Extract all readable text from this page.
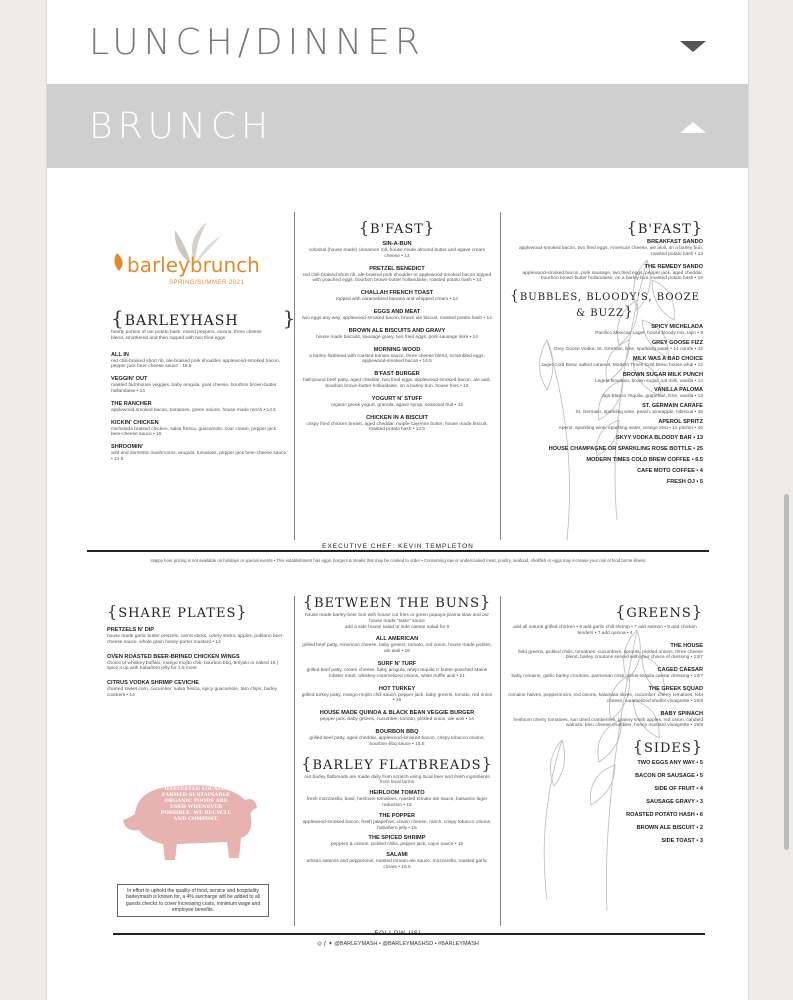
LUNCH/DINNER
BRUNCH
barleybrunch
SPRING/SUMMER 2021
{BARLEYHASH }
hearty portion of our potato hash, mixed peppers, onions, three cheese blend, smothered and then topped with two fried eggs
ALL IN
red chili-braised short rib, ale-braised pork shoulder, applewood-smoked bacon, pepper jack beer-cheese sauce · 15.5
VEGGIN' OUT
roasted farmhouse veggies, baby arugula, goat cheese, bourbon brown-butter hollandaise • 14
THE RANCHER
applewood-smoked bacon, tomatoes, green onions, house made ranch • 14.5
KICKIN' CHICKEN
michelada braised chicken, salsa fresca, guacamole, sour cream, pepper jack beer-cheese sauce • 15
SHROOMIN'
wild and domestic mushrooms, arugula, tomatoes, pepper jack beer-cheese sauce • 14.5
{B'FAST}
SIN-A-BUN
colossal (house made) cinnamon roll, house made almond butter and agave cream cheese • 13
PRETZEL BENEDICT
red chili-braised short rib, ale-braised pork shoulder or applewood-smoked bacon topped with poached eggs, bourbon brown-butter hollandaise, roasted potato hash • 14
CHALLAH FRENCH TOAST
topped with caramelized banana and whipped cream • 14
EGGS AND MEAT
two eggs any way, applewood-smoked bacon, brown ale biscuit, roasted potato hash • 14
BROWN ALE BISCUITS AND GRAVY
house made biscuits, sausage gravy, two fried eggs, pork sausage links • 14
MORNING WOOD
a barley flatbread with roasted tomato sauce, three cheese blend, scrambled eggs, applewood-smoked bacon • 14.5
B'FAST BURGER
half-pound beef patty, aged cheddar, two fried eggs, applewood-smoked bacon, ale aioli, bourbon brown-butter hollandaise, on a barley bun, house fries • 16
YOGURT N' STUFF
organic greek yogurt, granola, agave syrup, seasonal fruit • 12
CHICKEN IN A BISCUIT
crispy fried chicken breast, aged cheddar, maple-cayenne butter, house made biscuit, roasted potato hash • 13.5
{B'FAST}
BREAKFAST SANDO
applewood-smoked bacon, two fried eggs, American cheese, ale aioli, on a barley bun, roasted potato hash • 13
THE REMEDY SANDO
applewood-smoked bacon, pork sausage, two fried eggs, pepper jack, aged cheddar, bourbon brown-butter hollandaise, on a barley bun, roasted potato hash • 15
{BUBBLES, BLOODY'S, BOOZE & BUZZ}
SPICY MICHELADA
Pacifico Mexican Lager, house bloody mix, tajin • 9
GREY GOOSE FIZZ
Grey Goose Vodka, St. Germain, lime, sparkling water • 14 carafe • 42
MILK WAS A BAD CHOICE
Jager Cold Brew, salted caramel, Modern Times Cold Brew, house whip • 12
BROWN SUGAR MILK PUNCH
Legent Bourbon, brown sugar, oat milk, vanilla • 14
VANILLA PALOMA
Jaja Blanco Tequila, grapefruit, lime, vanilla • 13
ST. GERMAIN CARAFE
St. Germain, sparkling wine, peach, pineapple, hibiscus • 35
APEROL SPRITZ
Aperol, sparkling wine, sparkling water, orange zest • 12 pitcher • 40
SKYY VODKA BLOODY BAR • 13
HOUSE CHAMPAGNE OR SPARKLING ROSE BOTTLE • 25
MODERN TIMES COLD BREW COFFEE • 6.5
CAFE MOTO COFFEE • 4
FRESH OJ • 5
EXECUTIVE CHEF: KEVIN TEMPLETON
Happy hour pricing is not available on holidays or special events • This establishment has eggs, burgers & steaks that may be cooked to order • Consuming raw or undercooked meat, poultry, seafood, shellfish or eggs may increase your risk of food borne illness
{SHARE PLATES}
PRETZELS N' DIP
house made garlic butter pretzels, carrot sticks, celery sticks, apples, poblano beer-cheese sauce, whole grain honey-porter mustard • 13
OVEN ROASTED BEER-BRINED CHICKEN WINGS
choice of whiskey buffalo, mango mojito chili, bourbon bbq, teriyaki or naked 15 | spice it up with habañero jelly for 1.5 more
CITRUS VODKA SHRIMP CEVICHE
charred sweet corn, cucumber, salsa fresca, spicy guacamole, taro chips, barley crackers • 14
RESPONSIBLY HARVESTED LOCALLY FARMED SUSTAINABLE ORGANIC FOODS ARE USED WHENEVER POSSIBLE. WE RECYCLE AND COMPOST.
In effort to uphold the quality of food, service and hospitality barleymash is known for, a 4% surcharge will be added to all guests checks to cover increasing costs, minimum wage and employee benefits.
{BETWEEN THE BUNS}
house made barley-beer bun with house cut fries or green papaya-jicama slaw and our house made "taste" sauce
add a side house salad or side caesar salad for 6
ALL AMERICAN
grilled beef patty, American cheese, baby greens, tomato, red onion, house made pickles, ale aioli • 16
SURF N' TURF
grilled beef patty, cream cheese, baby arugula, añejo tequila n' butter-poached Maine lobster meat, whiskey-caramelized onions, white truffle aioli • 21
HOT TURKEY
grilled turkey patty, mango-mojito chili sauce, pepper jack, baby greens, tomato, red onion • 16
HOUSE MADE QUINOA & BLACK BEAN VEGGIE BURGER
pepper jack, baby greens, cucumber, tomato, pickled onion, ale aioli • 14
BOURBON BBQ
grilled beef patty, aged cheddar, applewood-smoked bacon, crispy tobacco onions, bourbon-bbq sauce • 15.5
{BARLEY FLATBREADS}
our barley flatbreads are made daily from scratch using local beer and fresh ingredients from local farms
HEIRLOOM TOMATO
fresh mozzarella, basil, heirloom tomatoes, roasted tomato-ale sauce, balsamic-lager reduction • 15
THE POPPER
applewood-smoked bacon, fresh jalapeños, cream cheese, ranch, crispy tobacco onions, habañero jelly • 15
THE SPICED SHRIMP
peppers & onions, pickled chilis, pepper jack, cajun sauce • 16
SALAMI
artisan salamis and pepperonis, roasted tomato-ale sauce, mozzarella, roasted garlic cloves • 15.5
{GREENS}
add all natural grilled chicken • 6 add garlic-chili shrimp • 7 add salmon • 9 add chicken tenders • 7 add quinoa • 4
THE HOUSE
field greens, pickled chilis, tomatoes, cucumbers, sprouts, pickled onions, three cheese blend, barley croutons served with your choice of dressing • 13/7
CAGED CAESAR
baby romaine, garlic barley croutons, parmesan crisp, citrus-tequila caesar dressing • 13/7
THE GREEK SQUAD
romaine halves, pepperoncini, red onions, kalamata olives, cucumber, cherry tomatoes, feta cheese, caramelized shallot vinaigrette • 15/8
BABY SPINACH
heirloom cherry tomatoes, sun dried cranberries, granny smith apples, red onion, candied walnuts, bleu cheese crumbles, honey mustard vinaigrette • 15/8
{SIDES}
TWO EGGS ANY WAY • 5
BACON OR SAUSAGE • 5
SIDE OF FRUIT • 4
SAUSAGE GRAVY • 3
ROASTED POTATO HASH • 6
BROWN ALE BISCUIT • 2
SIDE TOAST • 3
FOLLOW US!
◎ ƒ ✦ @BARLEYMASH • @BARLEYMASHSD • #BARLEYMASH
